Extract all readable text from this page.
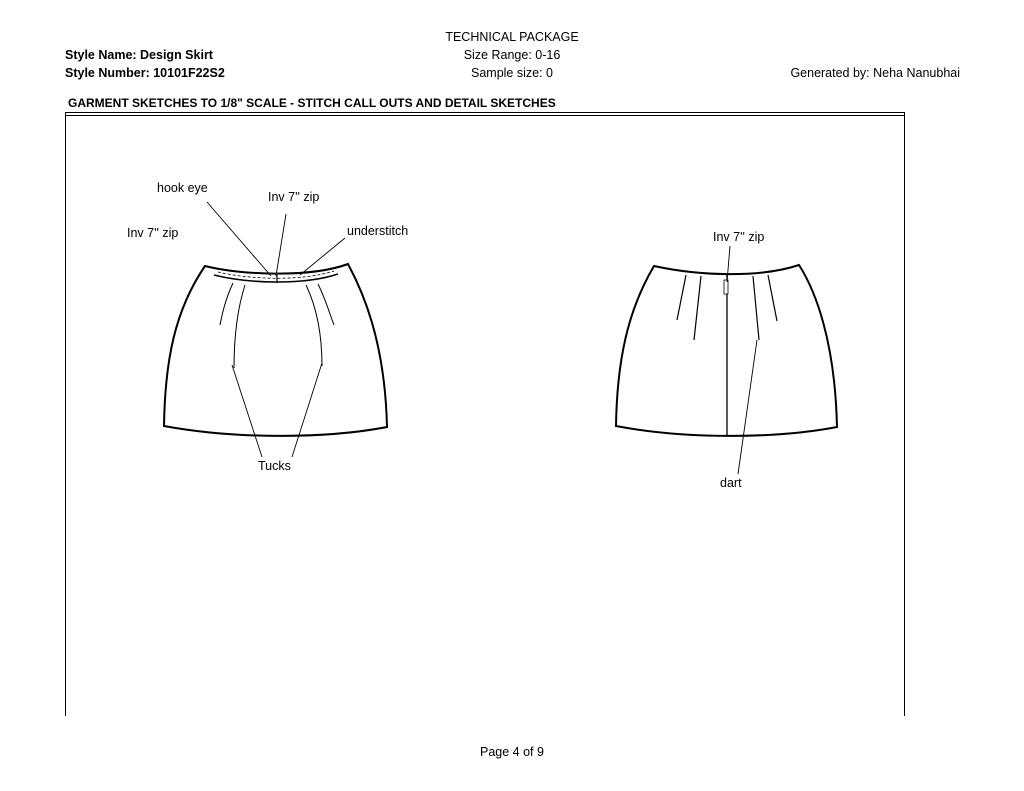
TECHNICAL PACKAGE
Style Name: Design Skirt	Size Range: 0-16
Style Number: 10101F22S2	Sample size: 0	Generated by: Neha Nanubhai
GARMENT SKETCHES TO 1/8" SCALE - STITCH CALL OUTS AND DETAIL SKETCHES
hook eye
Inv 7'' zip
Inv 7'' zip	understitch
Tucks
Inv 7'' zip
dart
Page 4 of 9
